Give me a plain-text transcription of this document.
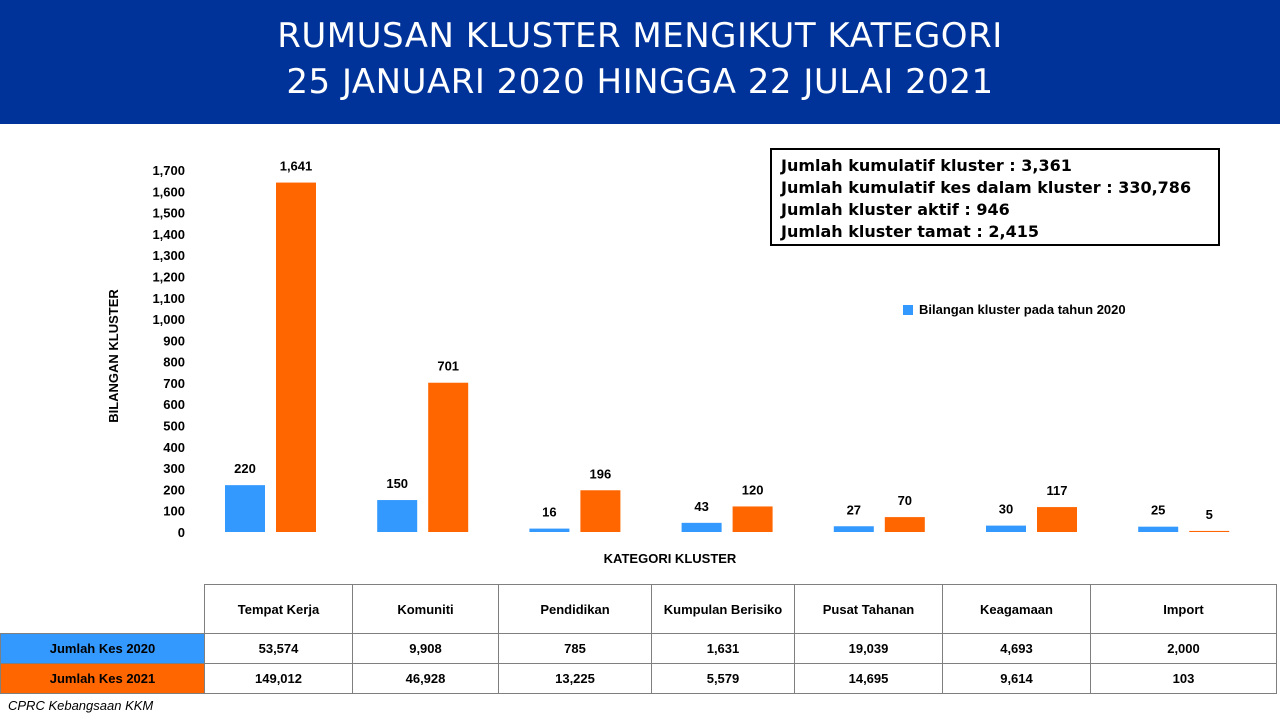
RUMUSAN KLUSTER MENGIKUT KATEGORI
25 JANUARI 2020 HINGGA 22 JULAI 2021
0
100
200
300
400
500
600
700
800
900
1,000
1,100
1,200
1,300
1,400
1,500
1,600
1,700
220
1,641
150
701
16
196
43
120
27
70
30
117
25	5
BILANGAN KLUSTER
KATEGORI KLUSTER
Jumlah kumulatif kluster : 3,361
Jumlah kumulatif kes dalam kluster : 330,786
Jumlah kluster aktif : 946
Jumlah kluster tamat : 2,415
Bilangan kluster pada tahun 2020
	Tempat Kerja	Komuniti	Pendidikan	Kumpulan Berisiko	Pusat Tahanan	Keagamaan	Import
Jumlah Kes 2020	53,574	9,908	785	1,631	19,039	4,693	2,000
Jumlah Kes 2021	149,012	46,928	13,225	5,579	14,695	9,614	103
CPRC Kebangsaan KKM
